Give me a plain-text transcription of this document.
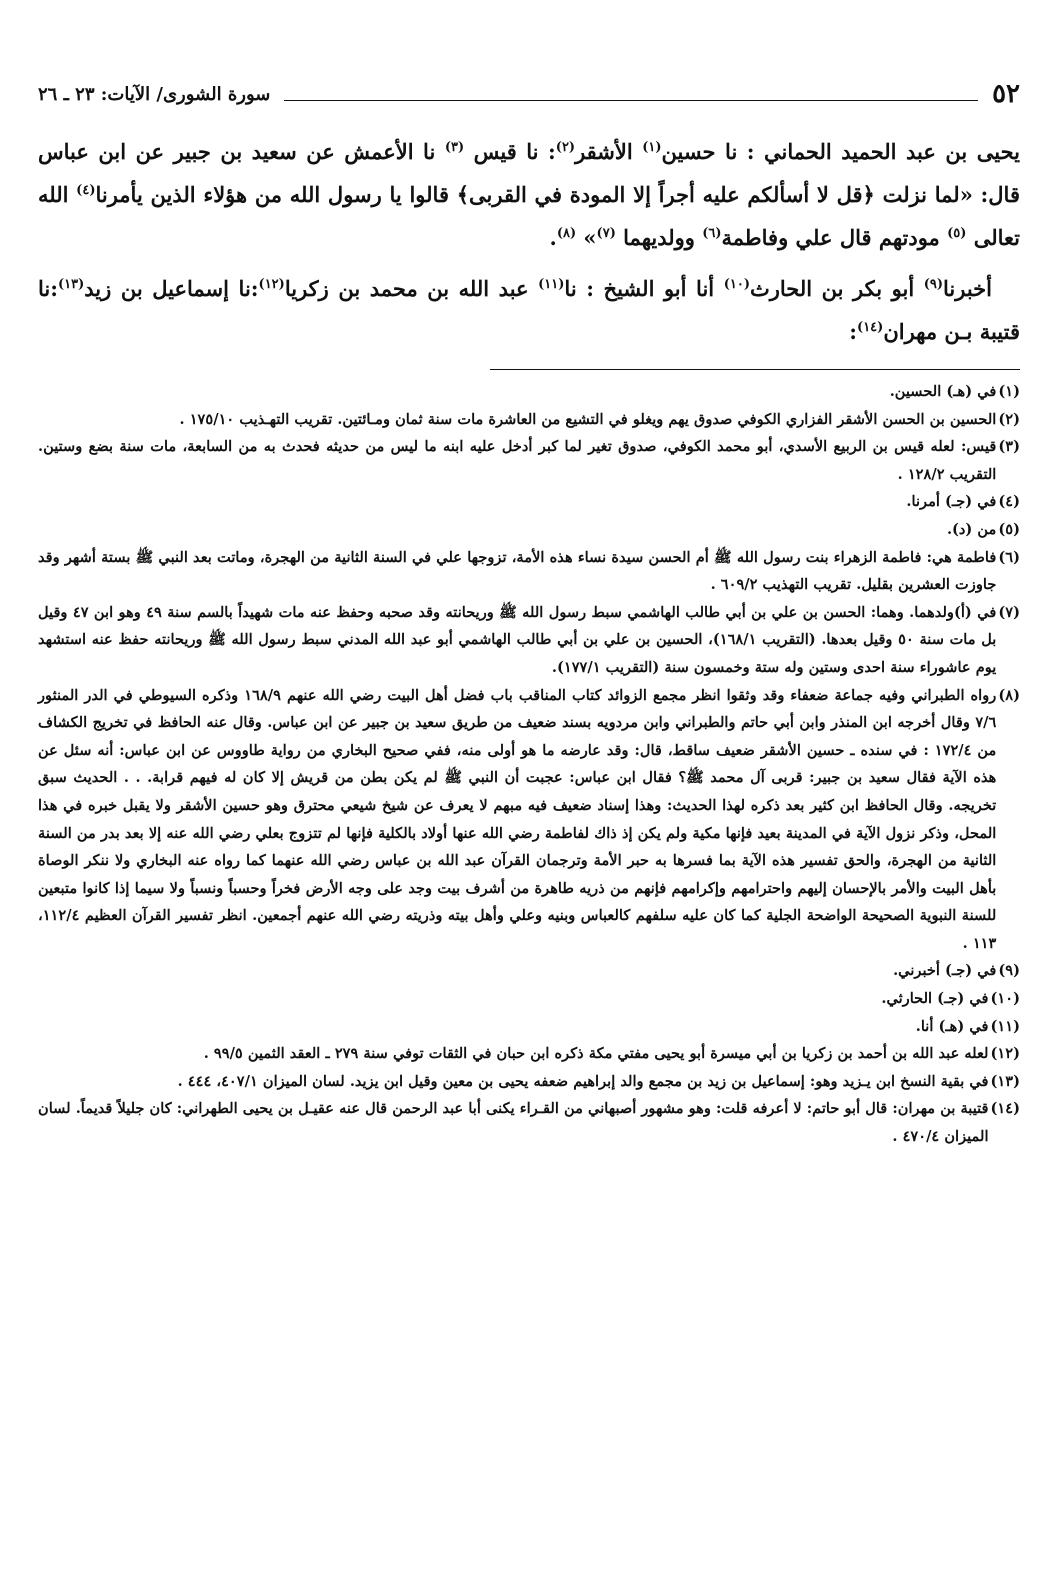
٥٢
سورة الشورى/ الآيات: ٢٣ ـ ٢٦

يحيى بن عبد الحميد الحماني : نا حسين$^{(١)}$ الأشقر$^{(٢)}$: نا قيس $^{(٣)}$ نا الأعمش عن سعيد بن جبير عن ابن عباس قال: «لما نزلت ﴿قل لا أسألكم عليه أجراً إلا المودة في القربى﴾ قالوا يا رسول الله من هؤلاء الذين يأمرنا$^{(٤)}$ الله تعالى $^{(٥)}$ مودتهم قال علي وفاطمة$^{(٦)}$ وولديهما $^{(٧)}$» $^{(٨)}$.

أخبرنا$^{(٩)}$ أبو بكر بن الحارث$^{(١٠)}$ أنا أبو الشيخ : نا$^{(١١)}$ عبد الله بن محمد بن زكريا$^{(١٢)}$:نا إسماعيل بن زيد$^{(١٣)}$:نا قتيبة بـن مهران$^{(١٤)}$:

(١)
في (هـ) الحسين.
(٢)
الحسين بن الحسن الأشقر الفزاري الكوفي صدوق يهم ويغلو في التشيع من العاشرة مات سنة ثمان ومـائتين. تقريب التهـذيب ١٧٥/١٠ .
(٣)
قيس: لعله قيس بن الربيع الأسدي، أبو محمد الكوفي، صدوق تغير لما كبر أدخل عليه ابنه ما ليس من حديثه فحدث به من السابعة، مات سنة بضع وستين. التقريب ١٢٨/٢ .
(٤)
في (جـ) أمرنا.
(٥)
من (د).
(٦)
فاطمة هي: فاطمة الزهراء بنت رسول الله ﷺ أم الحسن سيدة نساء هذه الأمة، تزوجها علي في السنة الثانية من الهجرة، وماتت بعد النبي ﷺ بستة أشهر وقد جاوزت العشرين بقليل. تقريب التهذيب ٦٠٩/٢ .
(٧)
في (أ)ولدهما. وهما: الحسن بن علي بن أبي طالب الهاشمي سبط رسول الله ﷺ وريحانته وقد صحبه وحفظ عنه مات شهيداً بالسم سنة ٤٩ وهو ابن ٤٧ وقيل بل مات سنة ٥٠ وقيل بعدها. (التقريب ١٦٨/١)، الحسين بن علي بن أبي طالب الهاشمي أبو عبد الله المدني سبط رسول الله ﷺ وريحانته حفظ عنه استشهد يوم عاشوراء سنة احدى وستين وله ستة وخمسون سنة (التقريب ١٧٧/١).
(٨)
رواه الطبراني وفيه جماعة ضعفاء وقد وثقوا انظر مجمع الزوائد كتاب المناقب باب فضل أهل البيت رضي الله عنهم ١٦٨/٩ وذكره السيوطي في الدر المنثور ٧/٦ وقال أخرجه ابن المنذر وابن أبي حاتم والطبراني وابن مردويه بسند ضعيف من طريق سعيد بن جبير عن ابن عباس. وقال عنه الحافظ في تخريج الكشاف من ١٧٢/٤ : في سنده ـ حسين الأشقر ضعيف ساقط، قال: وقد عارضه ما هو أولى منه، ففي صحيح البخاري من رواية طاووس عن ابن عباس: أنه سئل عن هذه الآية فقال سعيد بن جبير: قربى آل محمد ﷺ؟ فقال ابن عباس: عجبت أن النبي ﷺ لم يكن بطن من قريش إلا كان له فيهم قرابة. . . الحديث سبق تخريجه. وقال الحافظ ابن كثير بعد ذكره لهذا الحديث: وهذا إسناد ضعيف فيه مبهم لا يعرف عن شيخ شيعي محترق وهو حسين الأشقر ولا يقبل خبره في هذا المحل، وذكر نزول الآية في المدينة بعيد فإنها مكية ولم يكن إذ ذاك لفاطمة رضي الله عنها أولاد بالكلية فإنها لم تتزوج بعلي رضي الله عنه إلا بعد بدر من السنة الثانية من الهجرة، والحق تفسير هذه الآية بما فسرها به حبر الأمة وترجمان القرآن عبد الله بن عباس رضي الله عنهما كما رواه عنه البخاري ولا ننكر الوصاة بأهل البيت والأمر بالإحسان إليهم واحترامهم وإكرامهم فإنهم من ذريه طاهرة من أشرف بيت وجد على وجه الأرض فخراً وحسباً ونسباً ولا سيما إذا كانوا متبعين للسنة النبوية الصحيحة الواضحة الجلية كما كان عليه سلفهم كالعباس وبنيه وعلي وأهل بيته وذريته رضي الله عنهم أجمعين. انظر تفسير القرآن العظيم ١١٢/٤، ١١٣ .
(٩)
في (جـ) أخبرني.
(١٠)
في (جـ) الحارثي.
(١١)
في (هـ) أنا.
(١٢)
لعله عبد الله بن أحمد بن زكريا بن أبي ميسرة أبو يحيى مفتي مكة ذكره ابن حبان في الثقات توفي سنة ٢٧٩ ـ العقد الثمين ٩٩/٥ .
(١٣)
في بقية النسخ ابن يـزيد وهو: إسماعيل بن زيد بن مجمع والد إبراهيم ضعفه يحيى بن معين وقيل ابن يزيد. لسان الميزان ٤٠٧/١، ٤٤٤ .
(١٤)
قتيبة بن مهران: قال أبو حاتم: لا أعرفه قلت: وهو مشهور أصبهاني من القـراء يكنى أبا عبد الرحمن قال عنه عقيـل بن يحيى الطهراني: كان جليلاً قديماً. لسان الميزان ٤٧٠/٤ .
